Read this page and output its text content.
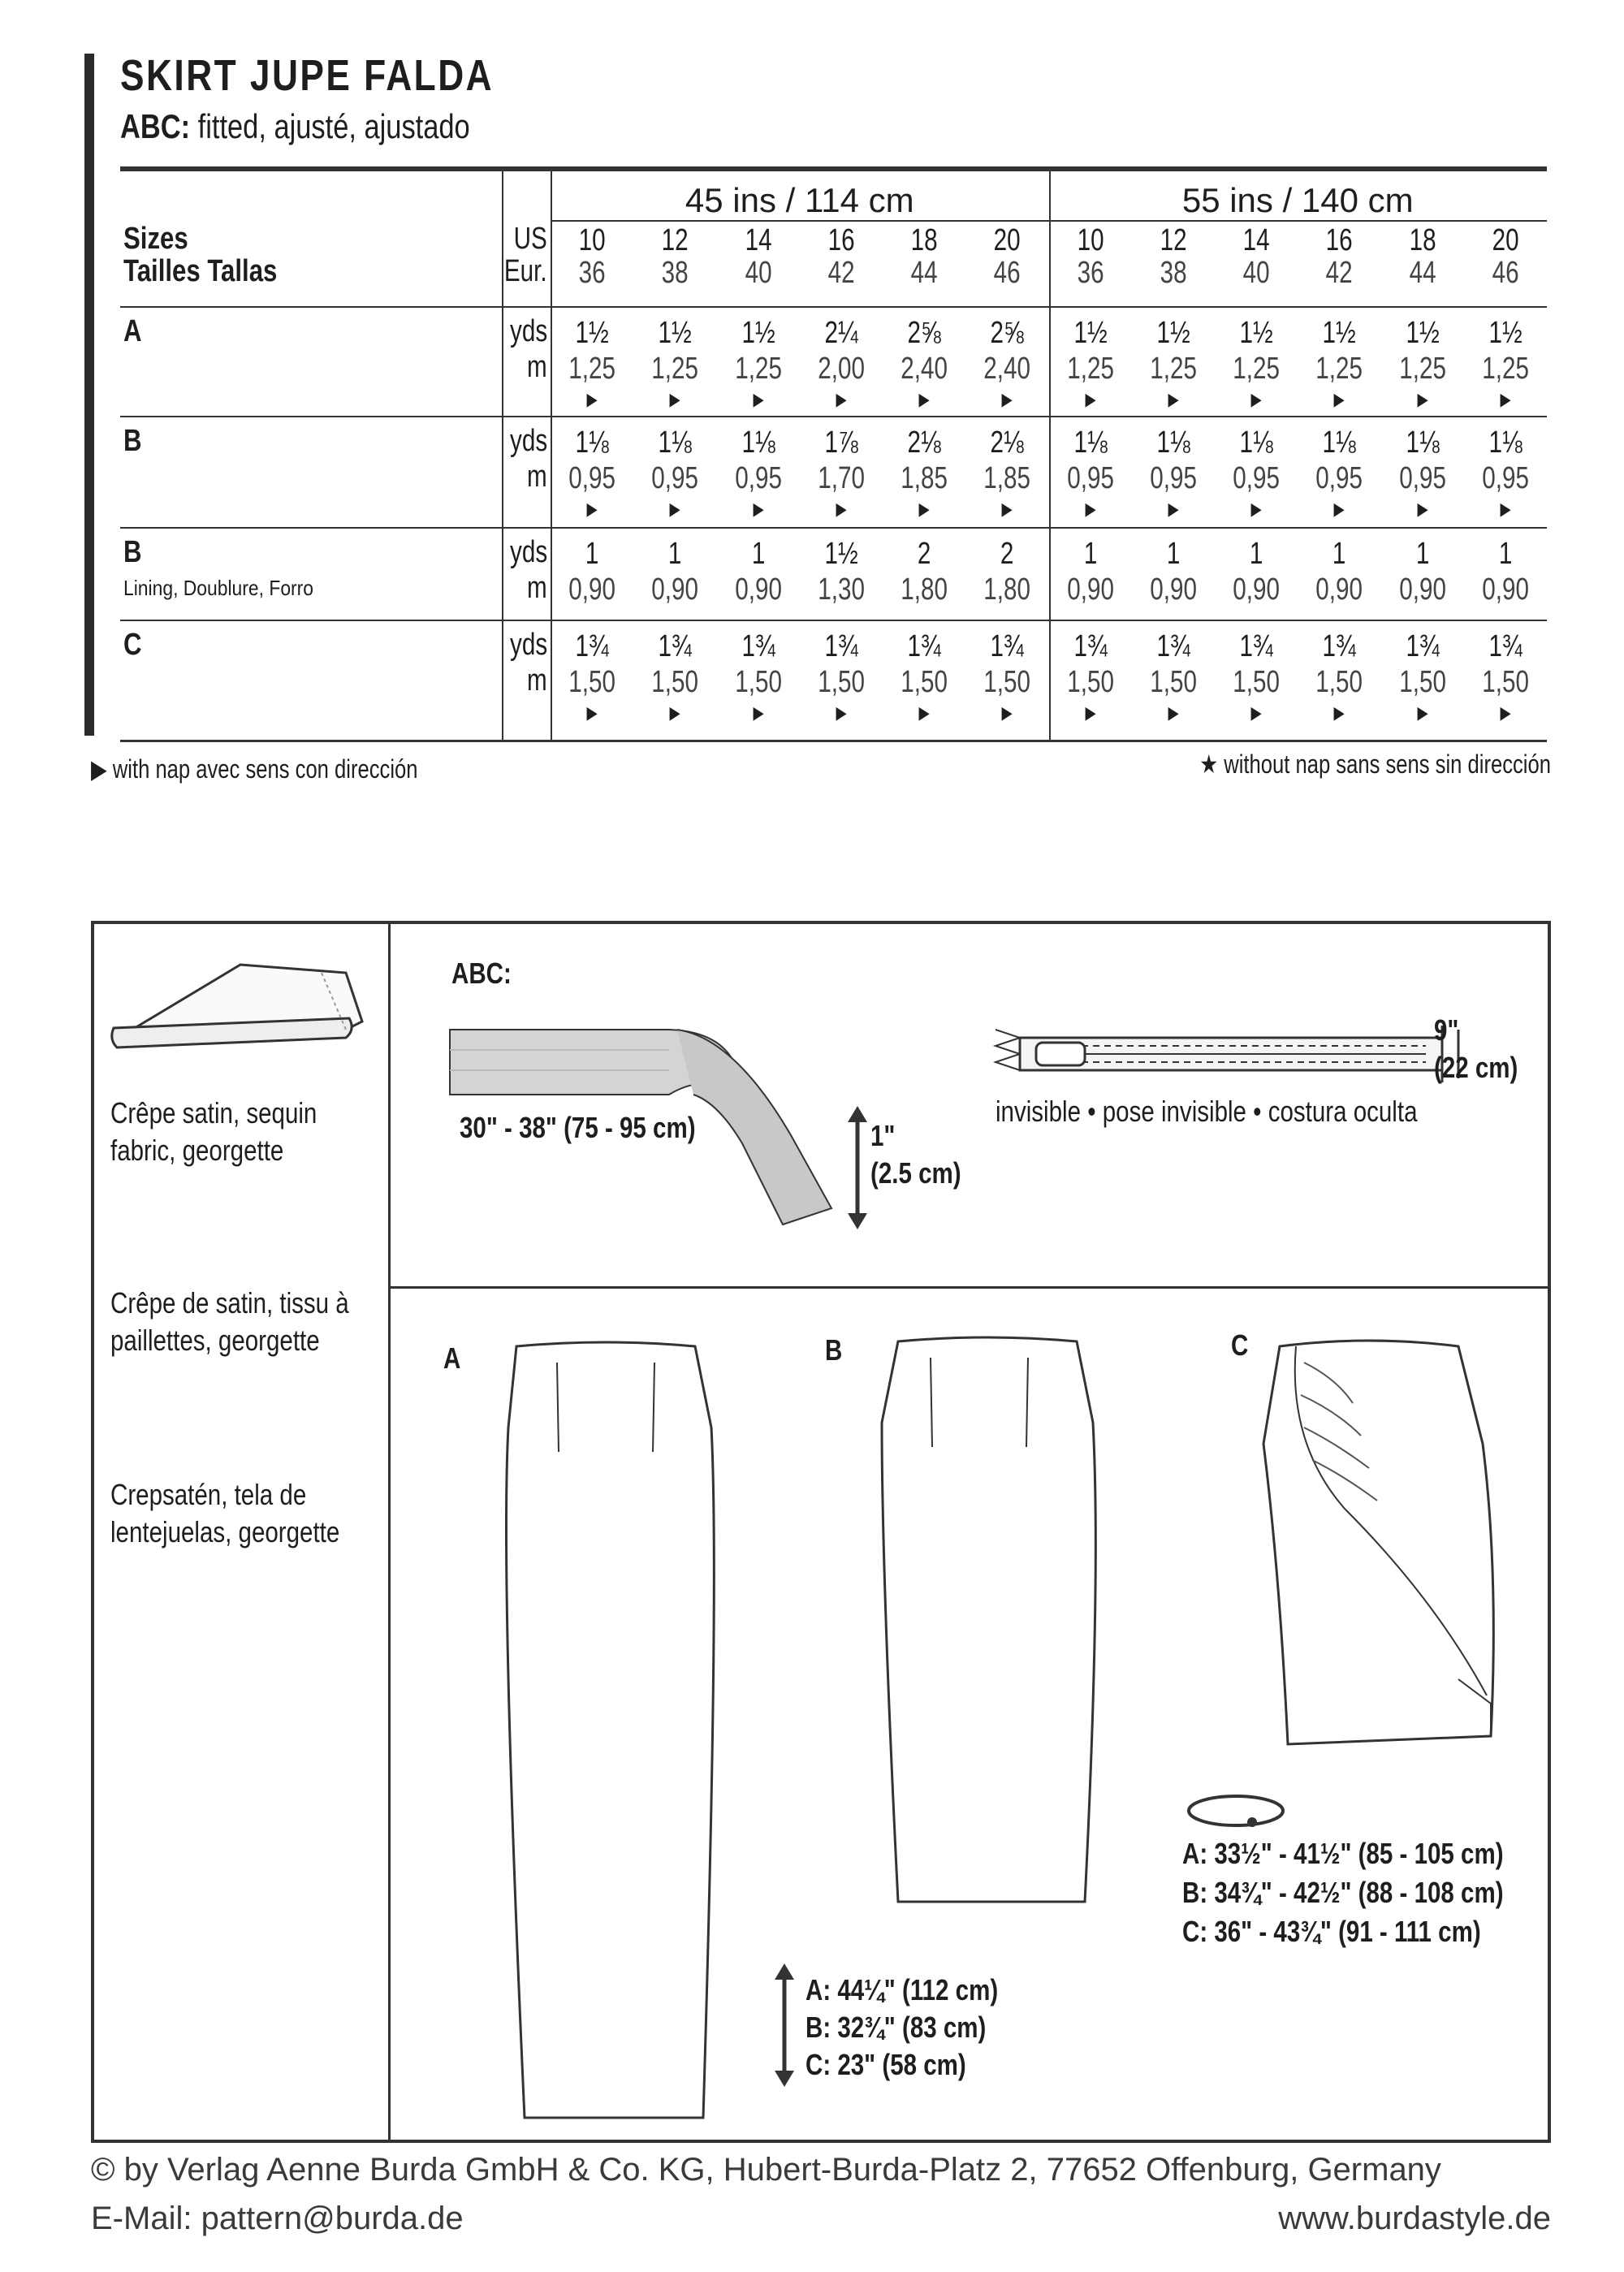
SKIRT JUPE FALDA
ABC: fitted, ajusté, ajustado
45 ins / 114 cm	55 ins / 140 cm
Sizes
Tailles Tallas
US
Eur.
10	12	14	16	18	20	10	12	14	16	18	20
36	38	40	42	44	46	36	38	40	42	44	46
A	yds
m
1½	1½	1½	2¼	2⅝	2⅝	1½	1½	1½	1½	1½	1½
1,25 1,25 1,25 2,00 2,40 2,40 1,25 1,25 1,25 1,25 1,25 1,25
▶	▶	▶	▶	▶	▶	▶	▶	▶	▶	▶	▶
B	yds
m
1⅛	1⅛	1⅛	1⅞	2⅛	2⅛	1⅛	1⅛	1⅛	1⅛	1⅛	1⅛
0,95 0,95 0,95 1,70 1,85 1,85 0,95 0,95 0,95 0,95 0,95 0,95
▶	▶	▶	▶	▶	▶	▶	▶	▶	▶	▶	▶
B
Lining, Doublure, Forro
yds
m
1	1	1	1½	2	2	1	1	1	1	1	1
0,90 0,90 0,90 1,30 1,80 1,80 0,90 0,90 0,90 0,90 0,90 0,90
C	yds
m
1¾	1¾	1¾	1¾	1¾	1¾	1¾	1¾	1¾	1¾	1¾	1¾
1,50 1,50 1,50 1,50 1,50 1,50 1,50 1,50 1,50 1,50 1,50 1,50
▶	▶	▶	▶	▶	▶	▶	▶	▶	▶	▶	▶
▶ with nap avec sens con dirección	★ without nap sans sens sin dirección
Crêpe satin, sequin fabric, georgette
Crêpe de satin, tissu à paillettes, georgette
Crepsatén, tela de lentejuelas, georgette
ABC:
30" - 38" (75 - 95 cm)	1"
(2.5 cm)
9"
(22 cm)
invisible • pose invisible • costura oculta
A	B	C
A: 33½" - 41½" (85 - 105 cm)
B: 34¾" - 42½" (88 - 108 cm)
C: 36" - 43¾" (91 - 111 cm)
A: 44¼" (112 cm)
B: 32¾" (83 cm)
C: 23" (58 cm)
© by Verlag Aenne Burda GmbH & Co. KG, Hubert-Burda-Platz 2, 77652 Offenburg, Germany
E-Mail: pattern@burda.de	www.burdastyle.de
